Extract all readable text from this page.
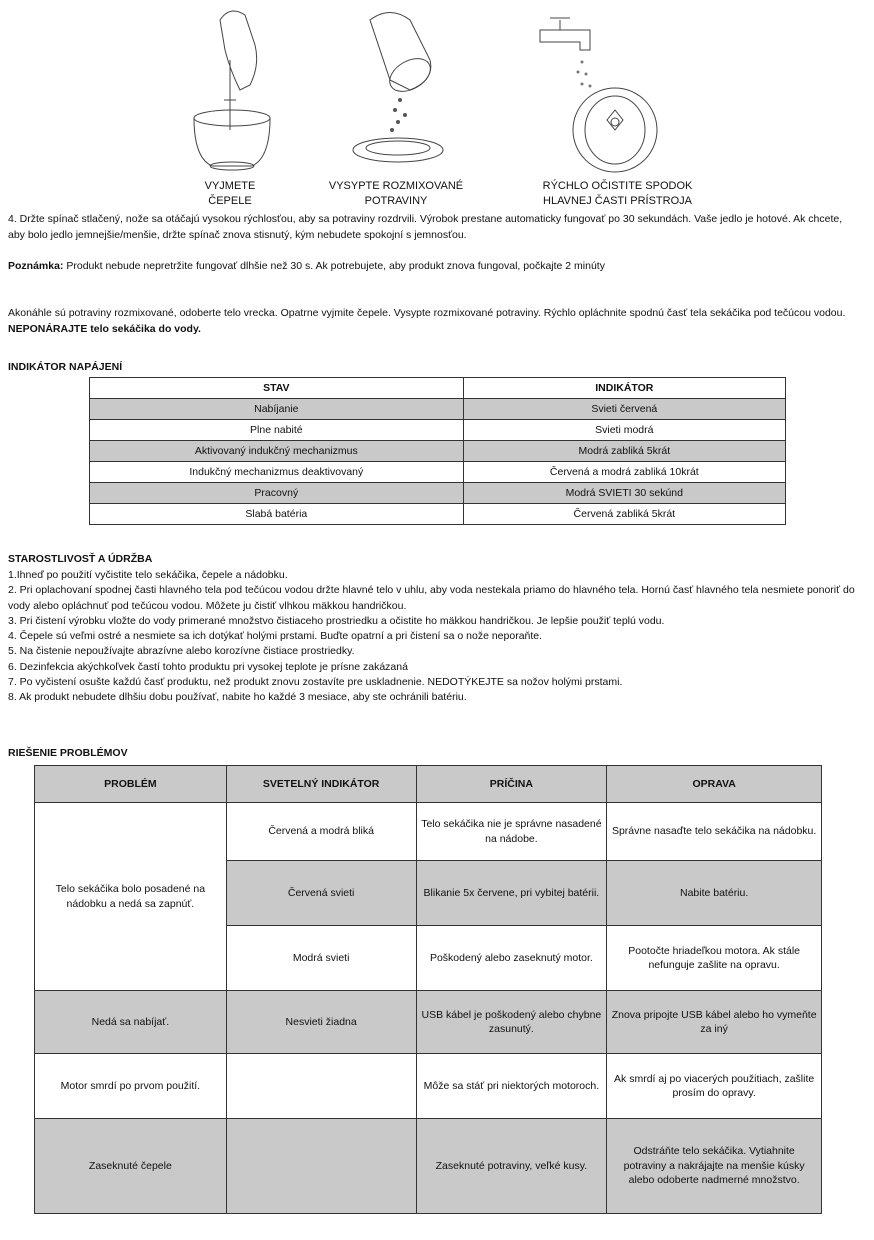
VYJMETE
ČEPELE
VYSYPTE ROZMIXOVANÉ
POTRAVINY
RÝCHLO OČISTITE SPODOK
HLAVNEJ ČASTI PRÍSTROJA
4. Držte spínač stlačený, nože sa otáčajú vysokou rýchlosťou, aby sa potraviny rozdrvili. Výrobok prestane automaticky fungovať po 30 sekundách. Vaše jedlo je hotové. Ak chcete, aby bolo jedlo jemnejšie/menšie, držte spínač znova stisnutý, kým nebudete spokojní s jemnosťou.
Poznámka: Produkt nebude nepretržite fungovať dlhšie než 30 s. Ak potrebujete, aby produkt znova fungoval, počkajte 2 minúty
Akonáhle sú potraviny rozmixované, odoberte telo vrecka. Opatrne vyjmite čepele. Vysypte rozmixované potraviny. Rýchlo opláchnite spodnú časť tela sekáčika pod tečúcou vodou. NEPONÁRAJTE telo sekáčika do vody.
INDIKÁTOR NAPÁJENÍ
STAV	INDIKÁTOR
Nabíjanie	Svieti červená
Plne nabité	Svieti modrá
Aktivovaný indukčný mechanizmus	Modrá zabliká 5krát
Indukčný mechanizmus deaktivovaný	Červená a modrá zabliká 10krát
Pracovný	Modrá SVIETI 30 sekúnd
Slabá batéria	Červená zabliká 5krát
STAROSTLIVOSŤ A ÚDRŽBA
1.Ihneď po použití vyčistite telo sekáčika, čepele a nádobku.
2. Pri oplachovaní spodnej časti hlavného tela pod tečúcou vodou držte hlavné telo v uhlu, aby voda nestekala priamo do hlavného tela. Hornú časť hlavného tela nesmiete ponoriť do vody alebo opláchnuť pod tečúcou vodou. Môžete ju čistiť vlhkou mäkkou handričkou.
3. Pri čistení výrobku vložte do vody primerané množstvo čistiaceho prostriedku a očistite ho mäkkou handričkou. Je lepšie použiť teplú vodu.
4. Čepele sú veľmi ostré a nesmiete sa ich dotýkať holými prstami. Buďte opatrní a pri čistení sa o nože neporaňte.
5. Na čistenie nepoužívajte abrazívne alebo korozívne čistiace prostriedky.
6. Dezinfekcia akýchkoľvek častí tohto produktu pri vysokej teplote je prísne zakázaná
7. Po vyčistení osušte každú časť produktu, než produkt znovu zostavíte pre uskladnenie. NEDOTÝKEJTE sa nožov holými prstami.
8. Ak produkt nebudete dlhšiu dobu používať, nabite ho každé 3 mesiace, aby ste ochránili batériu.
RIEŠENIE PROBLÉMOV
PROBLÉM	SVETELNÝ INDIKÁTOR	PRÍČINA	OPRAVA
Telo sekáčika bolo posadené na nádobku a nedá sa zapnúť.	Červená a modrá bliká	Telo sekáčika nie je správne nasadené na nádobe.	Správne nasaďte telo sekáčika na nádobku.
	Červená svieti	Blikanie 5x červene, pri vybitej batérii.	Nabite batériu.
	Modrá svieti	Poškodený alebo zaseknutý motor.	Pootočte hriadeľkou motora. Ak stále nefunguje zašlite na opravu.
Nedá sa nabíjať.	Nesvieti žiadna	USB kábel je poškodený alebo chybne zasunutý.	Znova pripojte USB kábel alebo ho vymeňte za iný
Motor smrdí po prvom použití.		Môže sa stáť pri niektorých motoroch.	Ak smrdí aj po viacerých použitiach, zašlite prosím do opravy.
Zaseknuté čepele		Zaseknuté potraviny, veľké kusy.	Odstráňte telo sekáčika. Vytiahnite potraviny a nakrájajte na menšie kúsky alebo odoberte nadmerné množstvo.
